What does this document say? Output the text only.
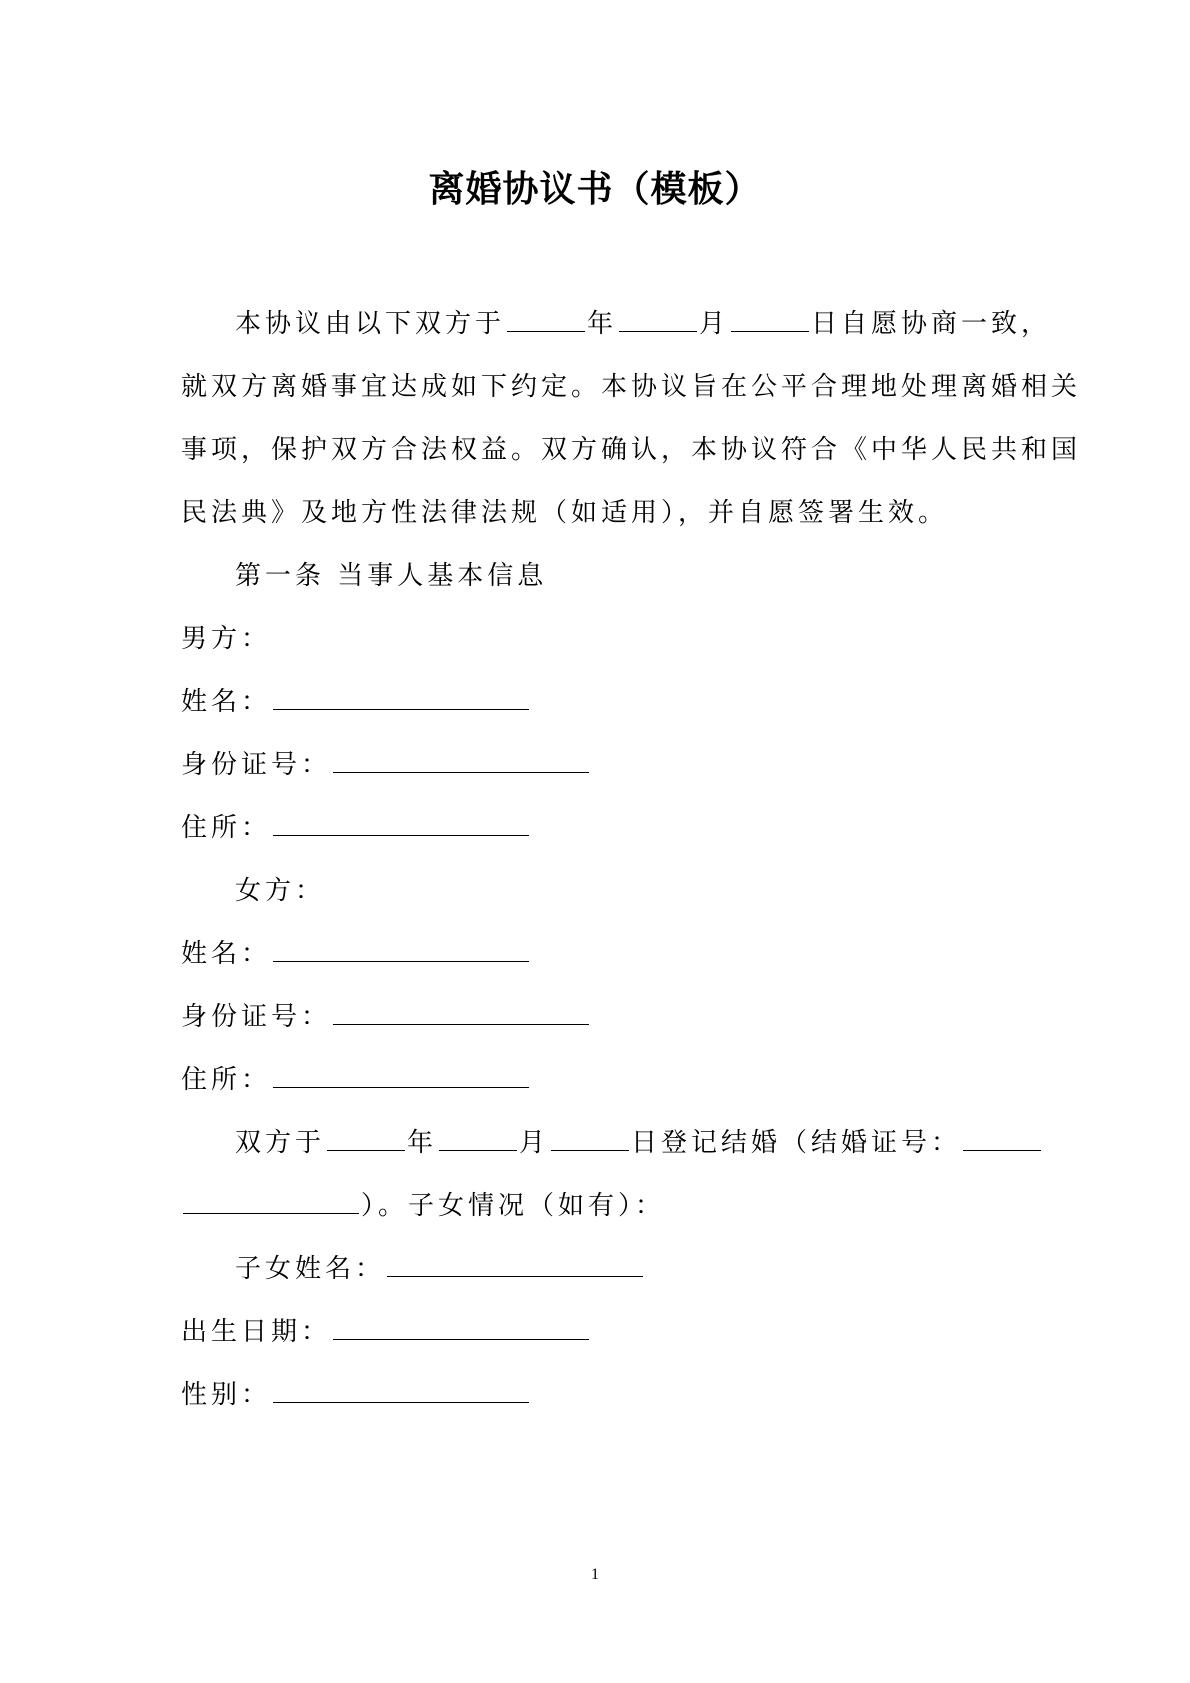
离婚协议书（模板）
本协议由以下双方于	年	月	日自愿协商一致，
就双方离婚事宜达成如下约定。本协议旨在公平合理地处理离婚相关
事项，保护双方合法权益。双方确认，本协议符合《中华人民共和国
民法典》及地方性法律法规（如适用），并自愿签署生效。
第一条 当事人基本信息
男方：
姓名：
身份证号：
住所：
女方：
姓名：
身份证号：
住所：
双方于	年	月	日登记结婚（结婚证号：
）。子女情况（如有）：
子女姓名：
出生日期：
性别：
1
